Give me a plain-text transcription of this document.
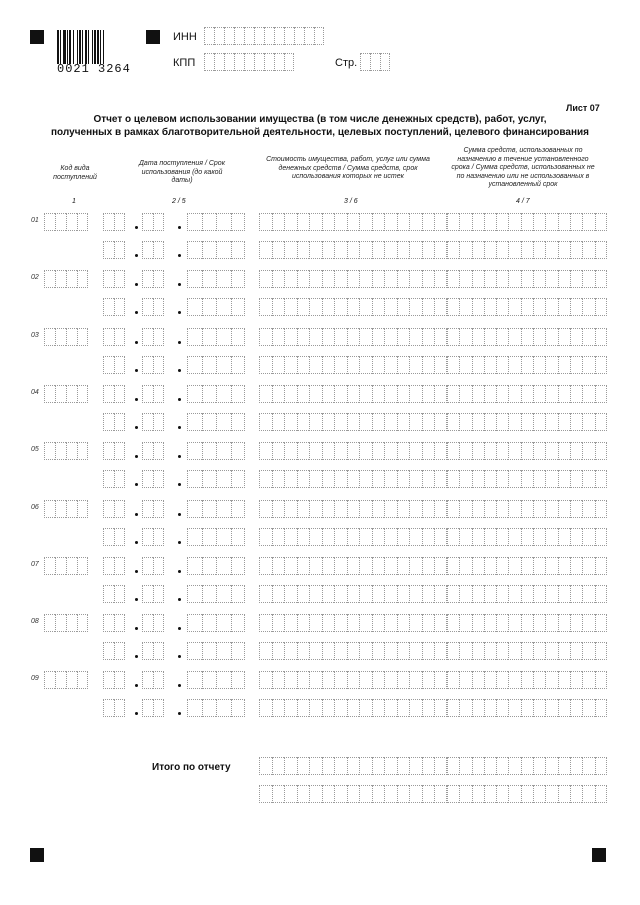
0021 3264
ИНН
КПП	Стр.
Лист 07
Отчет о целевом использовании имущества (в том числе денежных средств), работ, услуг,
полученных в рамках благотворительной деятельности, целевых поступлений, целевого финансирования
Код вида поступлений
Дата поступления / Срок использования (до какой даты)
Стоимость имущества, работ, услуг или сумма денежных средств / Сумма средств, срок использования которых не истек
Сумма средств, использованных по назначению в течение установленного срока / Сумма средств, использованных не по назначению или не использованных в установленный срок
1	2 / 5	3 / 6	4 / 7
01
02
03
04
05
06
07
08
09
Итого по отчету
